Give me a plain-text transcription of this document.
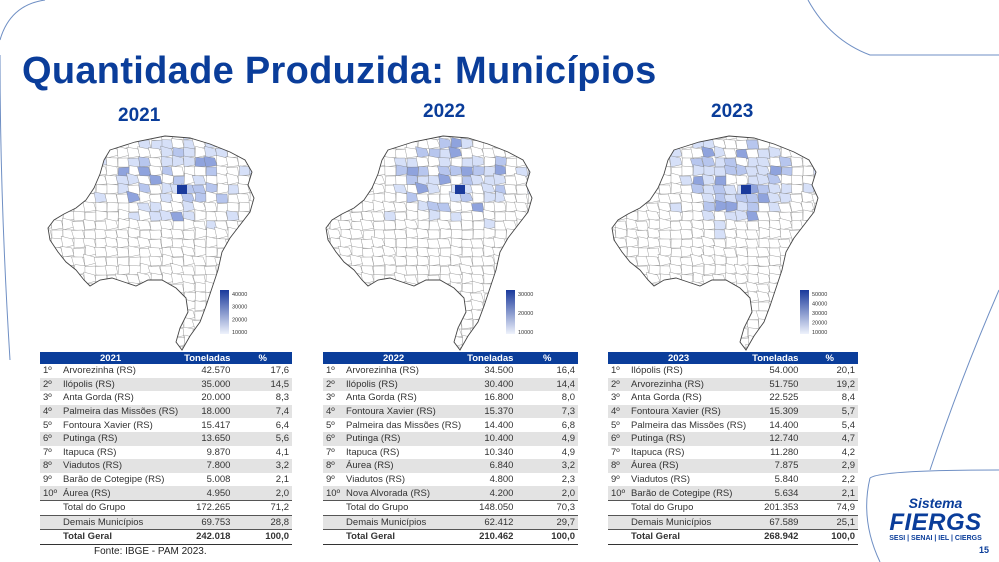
Quantidade Produzida: Municípios
2021	2022	2023
40000
30000
20000
10000
30000
20000
10000
50000
40000
30000
20000
10000
2021		Toneladas	%
1º	Arvorezinha (RS)	42.570	17,6
2º	Ilópolis (RS)	35.000	14,5
3º	Anta Gorda (RS)	20.000	8,3
4º	Palmeira das Missões (RS)	18.000	7,4
5º	Fontoura Xavier (RS)	15.417	6,4
6º	Putinga (RS)	13.650	5,6
7º	Itapuca (RS)	9.870	4,1
8º	Viadutos (RS)	7.800	3,2
9º	Barão de Cotegipe (RS)	5.008	2,1
10º	Áurea (RS)	4.950	2,0
	Total do Grupo	172.265	71,2
	Demais Municípios	69.753	28,8
	Total Geral	242.018	100,0
2022		Toneladas	%
1º	Arvorezinha (RS)	34.500	16,4
2º	Ilópolis (RS)	30.400	14,4
3º	Anta Gorda (RS)	16.800	8,0
4º	Fontoura Xavier (RS)	15.370	7,3
5º	Palmeira das Missões (RS)	14.400	6,8
6º	Putinga (RS)	10.400	4,9
7º	Itapuca (RS)	10.340	4,9
8º	Áurea (RS)	6.840	3,2
9º	Viadutos (RS)	4.800	2,3
10º	Nova Alvorada (RS)	4.200	2,0
	Total do Grupo	148.050	70,3
	Demais Municípios	62.412	29,7
	Total Geral	210.462	100,0
2023		Toneladas	%
1º	Ilópolis (RS)	54.000	20,1
2º	Arvorezinha (RS)	51.750	19,2
3º	Anta Gorda (RS)	22.525	8,4
4º	Fontoura Xavier (RS)	15.309	5,7
5º	Palmeira das Missões (RS)	14.400	5,4
6º	Putinga (RS)	12.740	4,7
7º	Itapuca (RS)	11.280	4,2
8º	Áurea (RS)	7.875	2,9
9º	Viadutos (RS)	5.840	2,2
10º	Barão de Cotegipe (RS)	5.634	2,1
	Total do Grupo	201.353	74,9
	Demais Municípios	67.589	25,1
	Total Geral	268.942	100,0
Fonte: IBGE - PAM 2023.
Sistema
FIERGS
SESI | SENAI | IEL | CIERGS
15
